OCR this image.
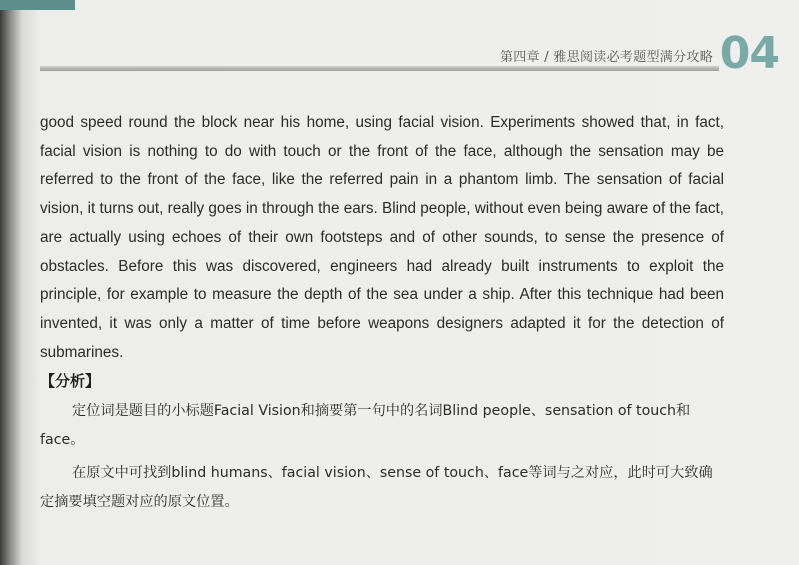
第四章 / 雅思阅读必考题型满分攻略 04

good speed round the block near his home, using facial vision. Experiments showed that, in fact, facial vision is nothing to do with touch or the front of the face, although the sensation may be referred to the front of the face, like the referred pain in a phantom limb. The sensation of facial vision, it turns out, really goes in through the ears. Blind people, without even being aware of the fact, are actually using echoes of their own footsteps and of other sounds, to sense the presence of obstacles. Before this was discovered, engineers had already built instruments to exploit the principle, for example to measure the depth of the sea under a ship. After this technique had been invented, it was only a matter of time before weapons designers adapted it for the detection of submarines.

【分析】

定位词是题目的小标题Facial Vision和摘要第一句中的名词Blind people、sensation of touch和face。

在原文中可找到blind humans、facial vision、sense of touch、face等词与之对应，此时可大致确定摘要填空题对应的原文位置。
